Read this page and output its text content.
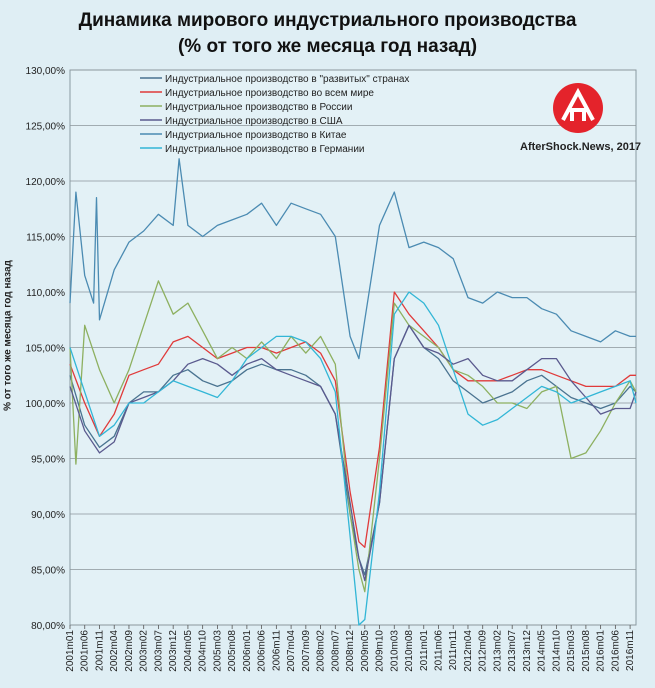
Динамика мирового индустриального производства
(% от того же месяца год назад)
80,00%
85,00%
90,00%
95,00%
100,00%
105,00%
110,00%
115,00%
120,00%
125,00%
130,00%
2001m01 2001m06 2001m11 2002m04 2002m09 2003m02 2003m07 2003m12 2004m05 2004m10 2005m03 2005m08 2006m01 2006m06 2006m11 2007m04 2007m09 2008m02 2008m07 2008m12 2009m05 2009m10 2010m03 2010m08 2011m01 2011m06 2011m11 2012m04 2012m09 2013m02 2013m07 2013m12 2014m05 2014m10 2015m03 2015m08 2016m01 2016m06 2016m11
Индустриальное производство в "развитых" странах
Индустриальное производство во всем мире
Индустриальное производство в России
Индустриальное производство в США
Индустриальное производство в Китае
Индустриальное производство в Германии
% от того же месяца год назад
AfterShock.News, 2017
